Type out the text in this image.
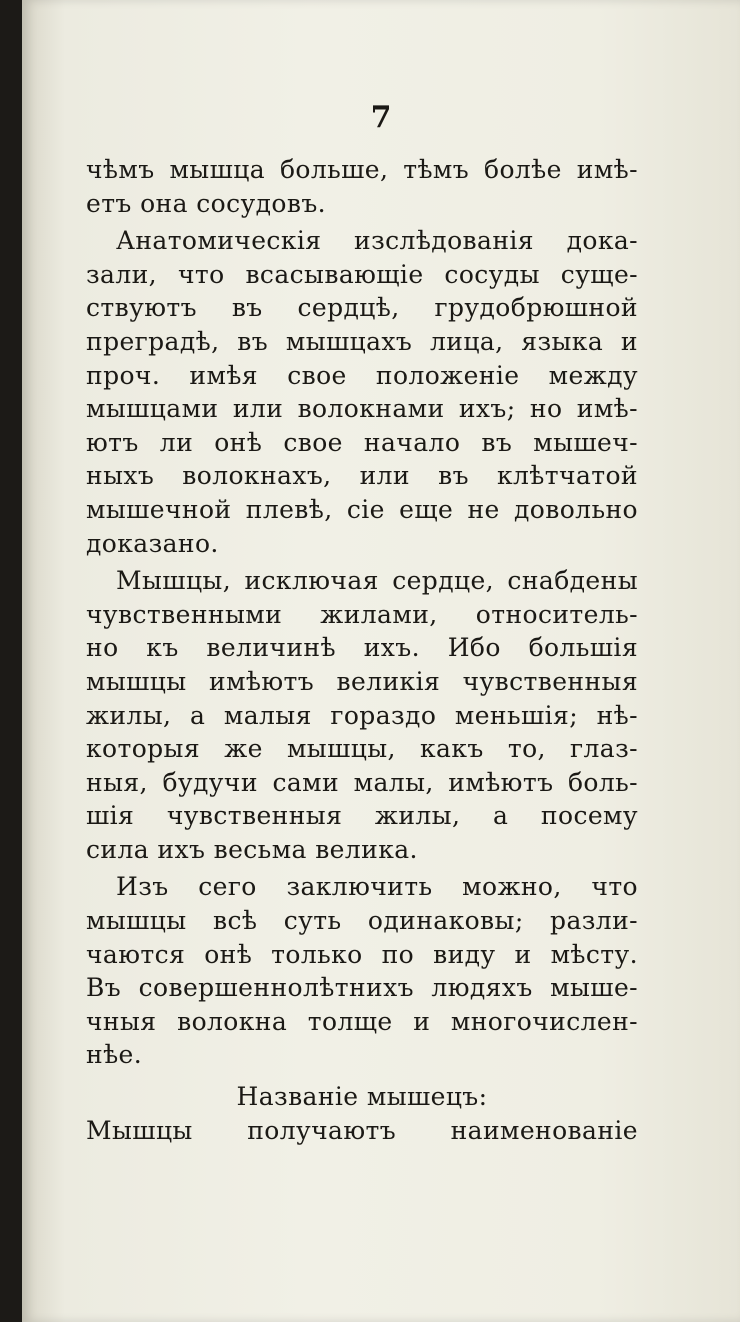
7
чѣмъ мышца больше, тѣмъ болѣе имѣ-
етъ она сосудовъ.
Анатомическія изслѣдованія дока-
зали, что всасывающіе сосуды суще-
ствуютъ въ сердцѣ, грудобрюшной
преградѣ, въ мышцахъ лица, языка и
проч. имѣя свое положеніе между
мышцами или волокнами ихъ; но имѣ-
ютъ ли онѣ свое начало въ мышеч-
ныхъ волокнахъ, или въ клѣтчатой
мышечной плевѣ, сіе еще не довольно
доказано.
Мышцы, исключая сердце, снабдены
чувственными жилами, относитель-
но къ величинѣ ихъ. Ибо большія
мышцы имѣютъ великія чувственныя
жилы, а малыя гораздо меньшія; нѣ-
которыя же мышцы, какъ то, глаз-
ныя, будучи сами малы, имѣютъ боль-
шія чувственныя жилы, а посему
сила ихъ весьма велика.
Изъ сего заключить можно, что
мышцы всѣ суть одинаковы; разли-
чаются онѣ только по виду и мѣсту.
Въ совершеннолѣтнихъ людяхъ мыше-
чныя волокна толще и многочислен-
нѣе.
Названіе мышецъ:
Мышцы получаютъ наименованіе
